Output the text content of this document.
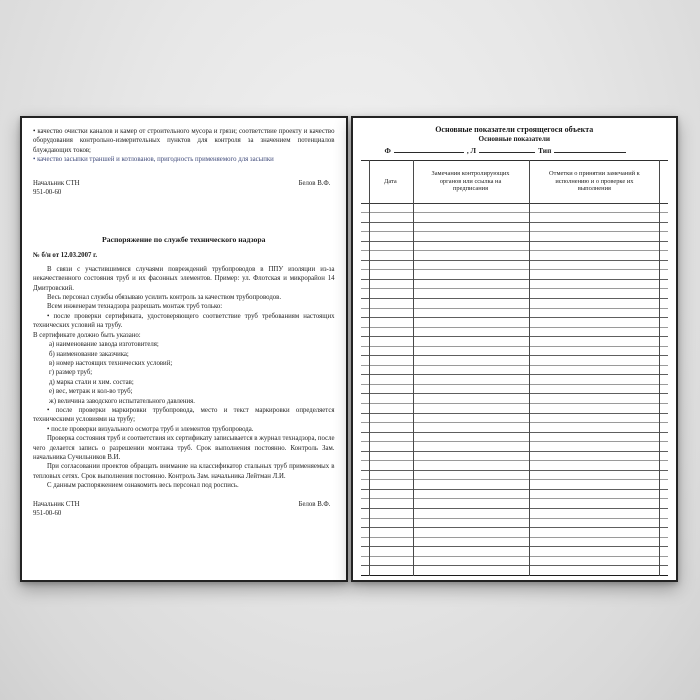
• качество очистки каналов и камер от строительного мусора и грязи; соответствие проекту и качество оборудования контрольно-измерительных пунктов для контроля за значением потенциалов блуждающих токов;

• качество засыпки траншей и котлованов, пригодность применяемого для засыпки

Начальник СТН	Белов В.Ф.
951-00-60
Распоряжение по службе технического надзора
№ б/н от 12.03.2007 г.

В связи с участившимися случаями повреждений трубопроводов в ППУ изоляции из-за некачественного состояния труб и их фасонных элементов. Пример: ул. Флотская и микрорайон 14 Дмитровский.

Весь персонал службы обязываю усилить контроль за качеством трубопроводов.

Всем инженерам технадзора разрешать монтаж труб только:

• после проверки сертификата, удостоверяющего соответствие труб требованиям настоящих технических условий на трубу.

В сертификате должно быть указано:

а) наименование завода изготовителя;

б) наименование заказчика;

в) номер настоящих технических условий;

г) размер труб;

д) марка стали и хим. состав;

е) вес, метраж и кол-во труб;

ж) величина заводского испытательного давления.

• после проверки маркировки трубопровода, место и текст маркировки определяется техническими условиями на трубу;

• после проверки визуального осмотра труб и элементов трубопровода.

Проверка состояния труб и соответствия их сертификату записывается в журнал технадзора, после чего делается запись о разрешении монтажа труб. Срок выполнения постоянно. Контроль Зам. начальника Сучильников В.И.

При согласовании проектов обращать внимание на классификатор стальных труб применяемых в тепловых сетях. Срок выполнения постоянно. Контроль Зам. начальника Лейтман Л.И.

С данным распоряжением ознакомить весь персонал под роспись.

Начальник СТН	Белов В.Ф.
951-00-60
Основные показатели строящегося объекта
Основные показатели
Ф	, Л	Тип
Дата
Замечания контролирующих органов или ссылка на предписания
Отметки о принятии замечаний к исполнению и о проверке их выполнения
